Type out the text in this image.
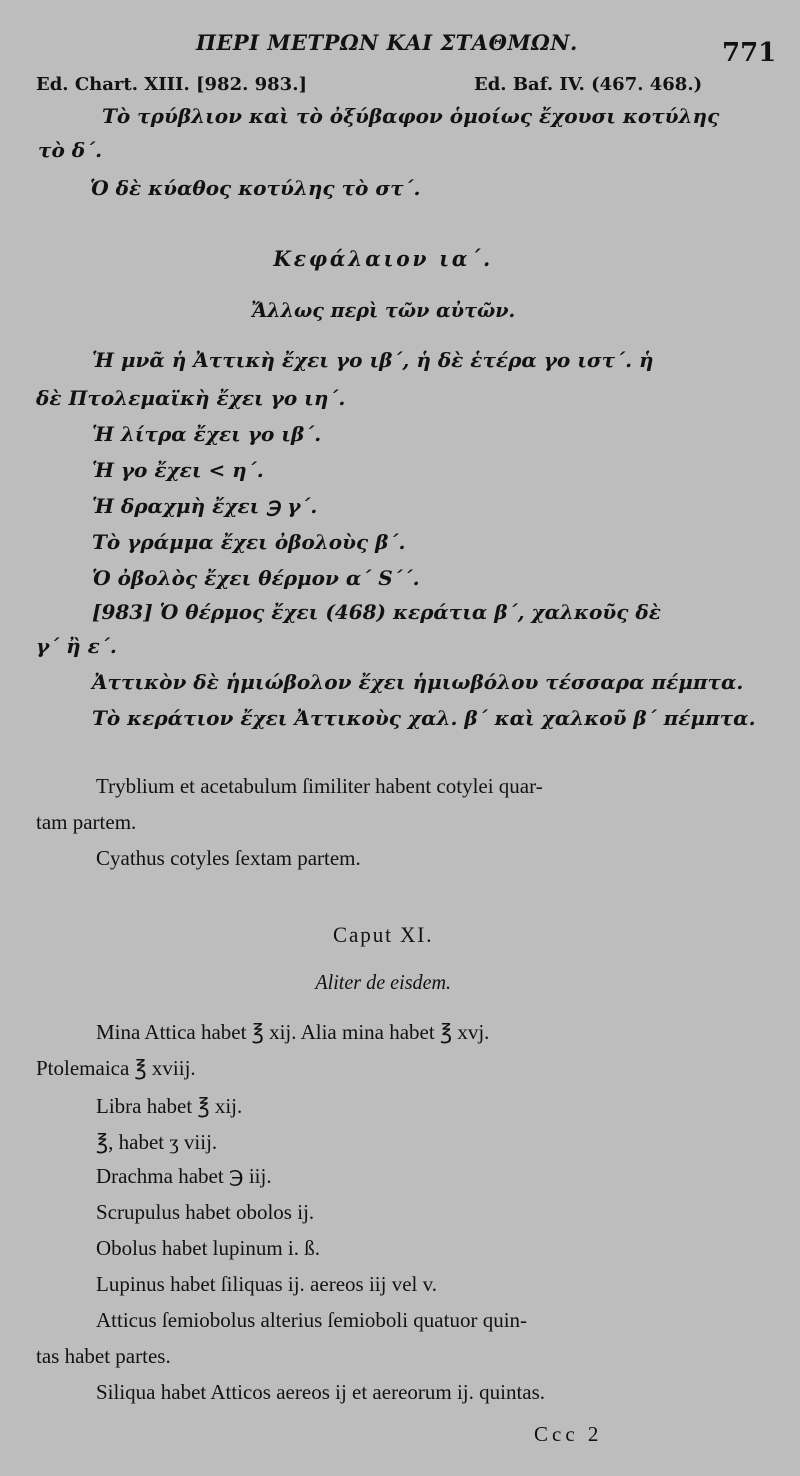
ΠΕΡΙ ΜΕΤΡΩΝ ΚΑΙ ΣΤΑΘΜΩΝ.	771
Ed. Chart. XIII. [982. 983.]	Ed. Baf. IV. (467. 468.)
Τὸ τρύβλιον καὶ τὸ ὀξύβαφον ὁμοίως ἔχουσι κοτύλης
τὸ δ΄.
Ὁ δὲ κύαθος κοτύλης τὸ στ΄.
Κεφάλαιον ια΄.
Ἄλλως περὶ τῶν αὐτῶν.
Ἡ μνᾶ ἡ Ἀττικὴ ἔχει γο ιβ΄, ἡ δὲ ἑτέρα γο ιστ΄. ἡ
δὲ Πτολεμαϊκὴ ἔχει γο ιη΄.
Ἡ λίτρα ἔχει γο ιβ΄.
Ἡ γο ἔχει < η΄.
Ἡ δραχμὴ ἔχει ℈ γ΄.
Τὸ γράμμα ἔχει ὀβολοὺς β΄.
Ὁ ὀβολὸς ἔχει θέρμον α΄ S΄΄.
[983] Ὁ θέρμος ἔχει (468) κεράτια β΄, χαλκοῦς δὲ
γ΄ ἢ ε΄.
Ἀττικὸν δὲ ἡμιώβολον ἔχει ἡμιωβόλου τέσσαρα πέμπτα.
Τὸ κεράτιον ἔχει Ἀττικοὺς χαλ. β΄ καὶ χαλκοῦ β΄ πέμπτα.
Tryblium et acetabulum ſimiliter habent cotylei quar-
tam partem.
Cyathus cotyles ſextam partem.
Caput XI.
Aliter de eisdem.
Mina Attica habet ℥ xij. Alia mina habet ℥ xvj.
Ptolemaica ℥ xviij.
Libra habet ℥ xij.
℥, habet ʒ viij.
Drachma habet ℈ iij.
Scrupulus habet obolos ij.
Obolus habet lupinum i. ß.
Lupinus habet ſiliquas ij. aereos iij vel v.
Atticus ſemiobolus alterius ſemioboli quatuor quin-
tas habet partes.
Siliqua habet Atticos aereos ij et aereorum ij. quintas.
Ccc 2
